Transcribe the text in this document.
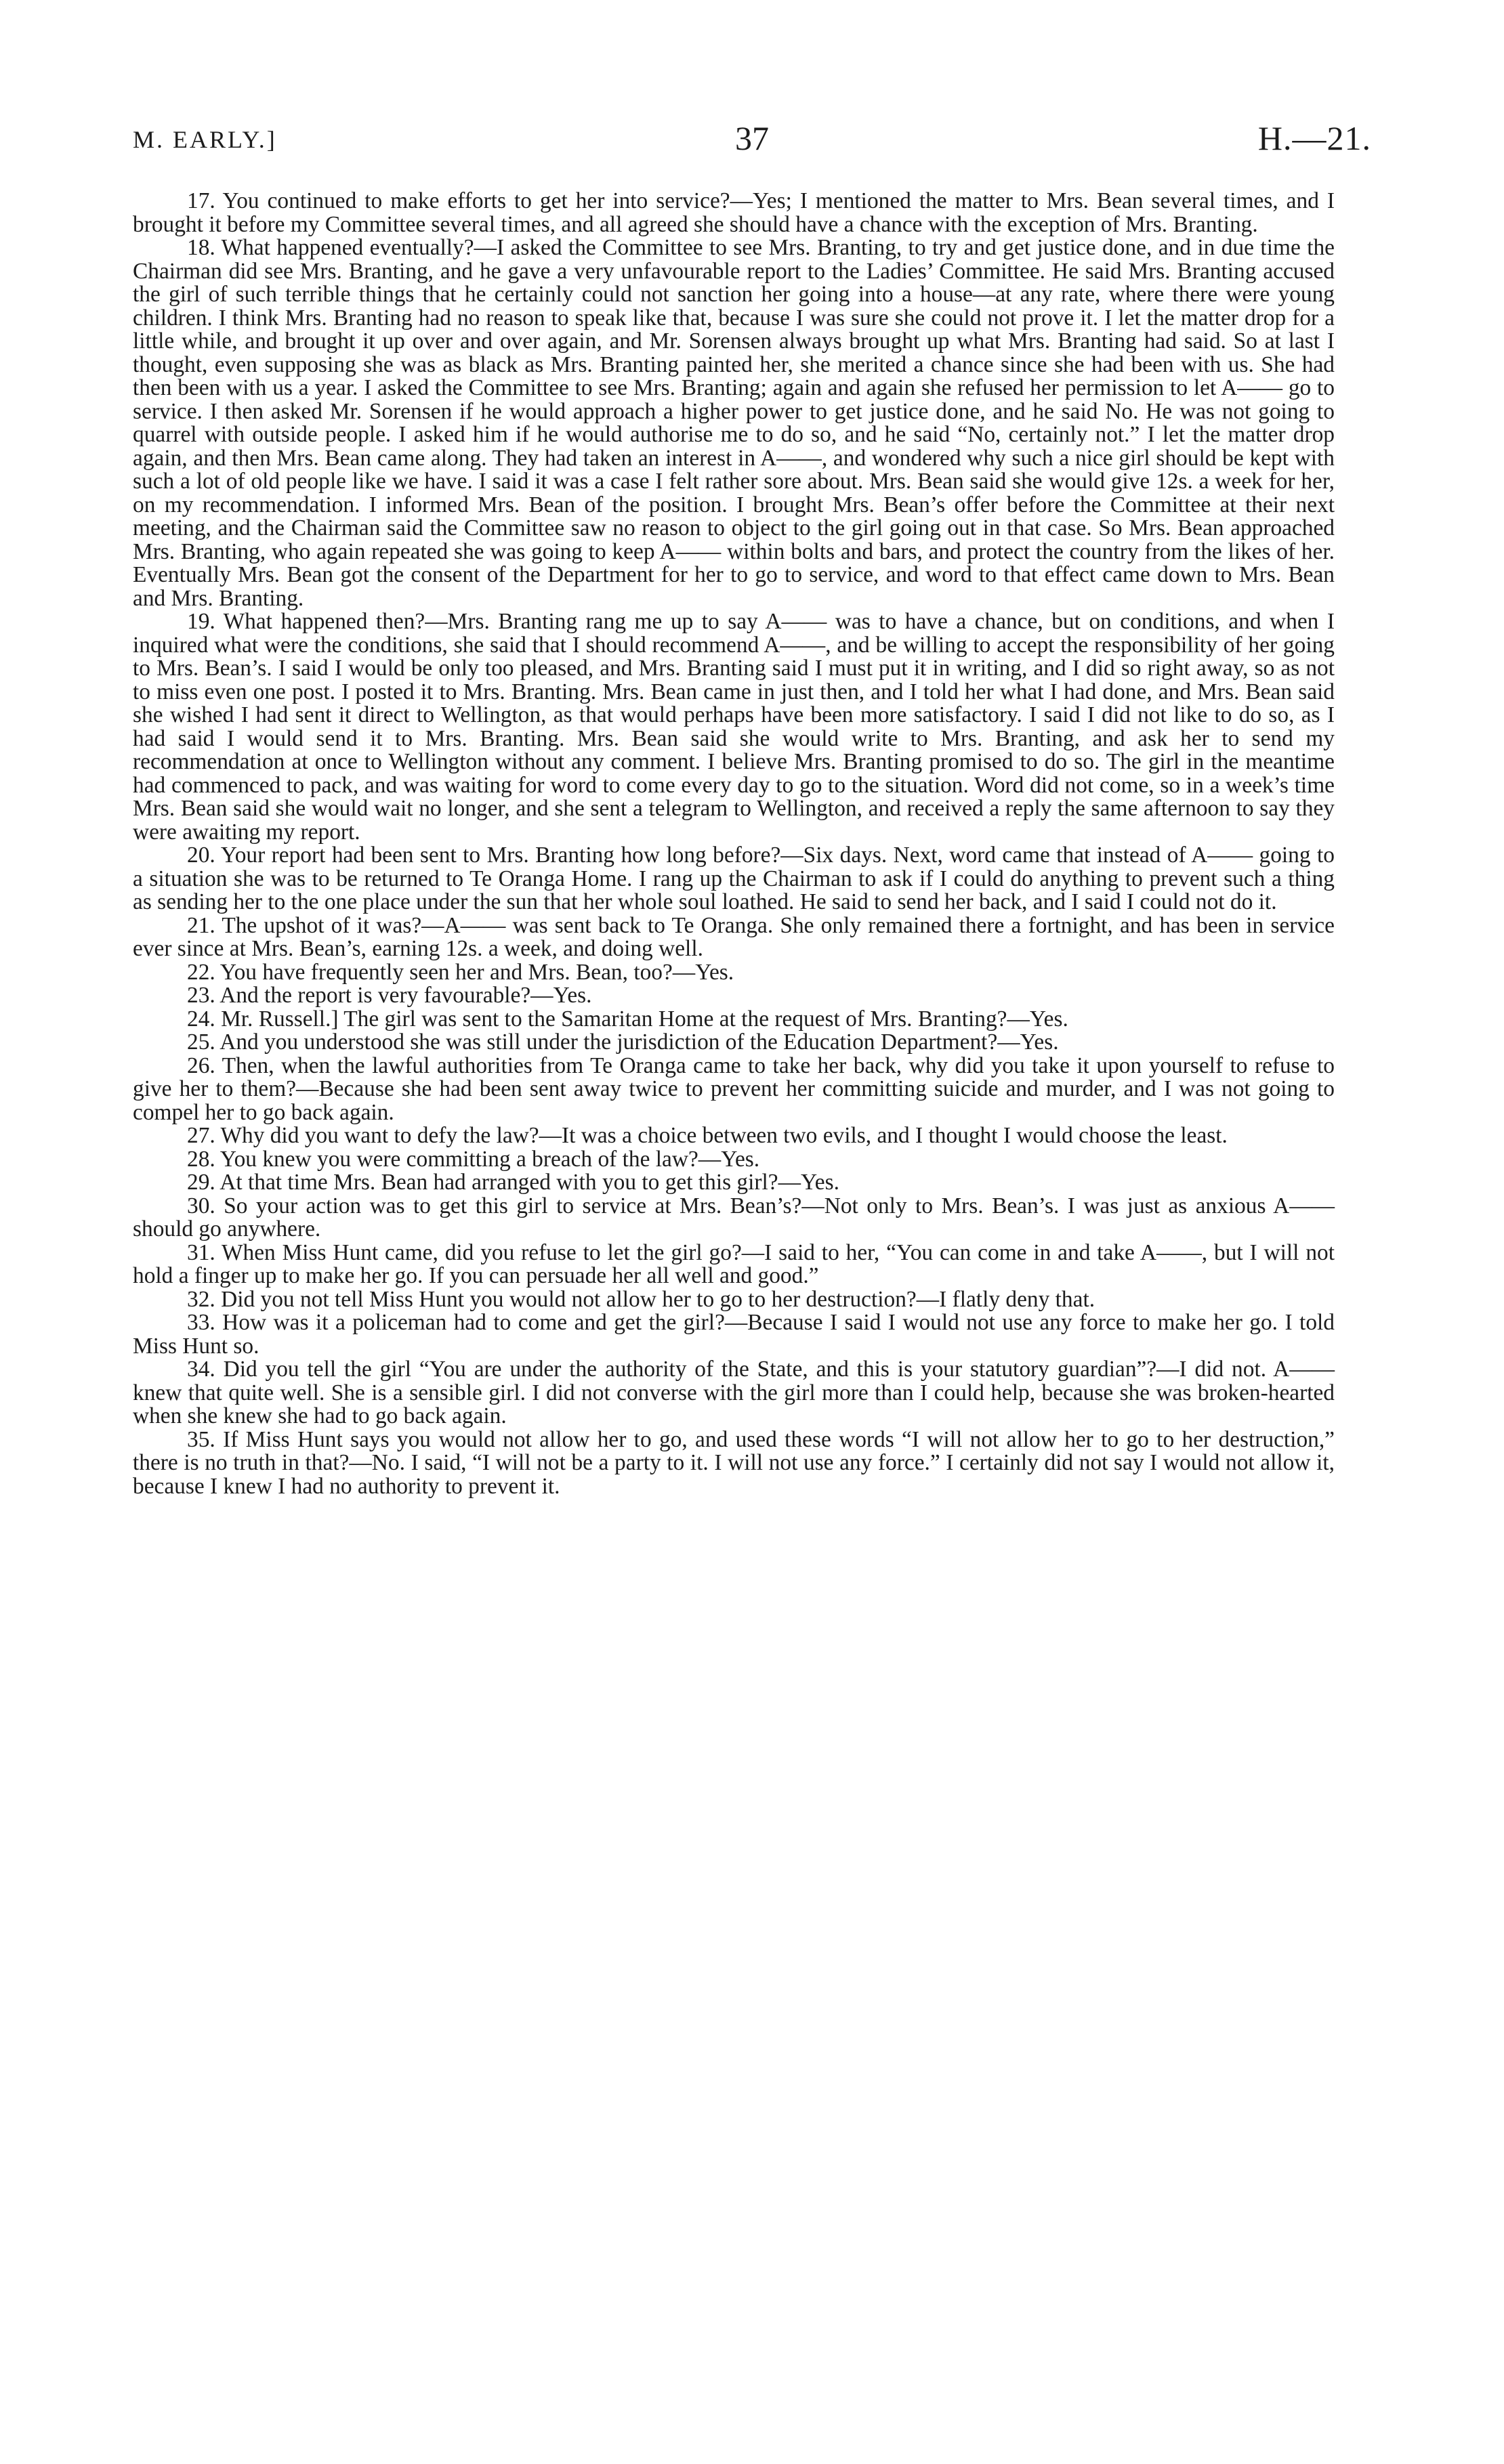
M. EARLY.]	37	H.—21.

17. You continued to make efforts to get her into service?—Yes; I mentioned the matter to Mrs. Bean several times, and I brought it before my Committee several times, and all agreed she should have a chance with the exception of Mrs. Branting.

18. What happened eventually?—I asked the Committee to see Mrs. Branting, to try and get justice done, and in due time the Chairman did see Mrs. Branting, and he gave a very unfavourable report to the Ladies’ Committee. He said Mrs. Branting accused the girl of such terrible things that he certainly could not sanction her going into a house—at any rate, where there were young children. I think Mrs. Branting had no reason to speak like that, because I was sure she could not prove it. I let the matter drop for a little while, and brought it up over and over again, and Mr. Sorensen always brought up what Mrs. Branting had said. So at last I thought, even supposing she was as black as Mrs. Branting painted her, she merited a chance since she had been with us. She had then been with us a year. I asked the Committee to see Mrs. Branting; again and again she refused her permission to let A—— go to service. I then asked Mr. Sorensen if he would approach a higher power to get justice done, and he said No. He was not going to quarrel with outside people. I asked him if he would authorise me to do so, and he said “No, certainly not.” I let the matter drop again, and then Mrs. Bean came along. They had taken an interest in A——, and wondered why such a nice girl should be kept with such a lot of old people like we have. I said it was a case I felt rather sore about. Mrs. Bean said she would give 12s. a week for her, on my recommendation. I informed Mrs. Bean of the position. I brought Mrs. Bean’s offer before the Committee at their next meeting, and the Chairman said the Committee saw no reason to object to the girl going out in that case. So Mrs. Bean approached Mrs. Branting, who again repeated she was going to keep A—— within bolts and bars, and protect the country from the likes of her. Eventually Mrs. Bean got the consent of the Department for her to go to service, and word to that effect came down to Mrs. Bean and Mrs. Branting.

19. What happened then?—Mrs. Branting rang me up to say A—— was to have a chance, but on conditions, and when I inquired what were the conditions, she said that I should recommend A——, and be willing to accept the responsibility of her going to Mrs. Bean’s. I said I would be only too pleased, and Mrs. Branting said I must put it in writing, and I did so right away, so as not to miss even one post. I posted it to Mrs. Branting. Mrs. Bean came in just then, and I told her what I had done, and Mrs. Bean said she wished I had sent it direct to Wellington, as that would perhaps have been more satisfactory. I said I did not like to do so, as I had said I would send it to Mrs. Branting. Mrs. Bean said she would write to Mrs. Branting, and ask her to send my recommendation at once to Wellington without any comment. I believe Mrs. Branting promised to do so. The girl in the meantime had commenced to pack, and was waiting for word to come every day to go to the situation. Word did not come, so in a week’s time Mrs. Bean said she would wait no longer, and she sent a telegram to Wellington, and received a reply the same afternoon to say they were awaiting my report.

20. Your report had been sent to Mrs. Branting how long before?—Six days. Next, word came that instead of A—— going to a situation she was to be returned to Te Oranga Home. I rang up the Chairman to ask if I could do anything to prevent such a thing as sending her to the one place under the sun that her whole soul loathed. He said to send her back, and I said I could not do it.

21. The upshot of it was?—A—— was sent back to Te Oranga. She only remained there a fortnight, and has been in service ever since at Mrs. Bean’s, earning 12s. a week, and doing well.

22. You have frequently seen her and Mrs. Bean, too?—Yes.

23. And the report is very favourable?—Yes.

24. Mr. Russell.] The girl was sent to the Samaritan Home at the request of Mrs. Branting?—Yes.

25. And you understood she was still under the jurisdiction of the Education Department?—Yes.

26. Then, when the lawful authorities from Te Oranga came to take her back, why did you take it upon yourself to refuse to give her to them?—Because she had been sent away twice to prevent her committing suicide and murder, and I was not going to compel her to go back again.

27. Why did you want to defy the law?—It was a choice between two evils, and I thought I would choose the least.

28. You knew you were committing a breach of the law?—Yes.

29. At that time Mrs. Bean had arranged with you to get this girl?—Yes.

30. So your action was to get this girl to service at Mrs. Bean’s?—Not only to Mrs. Bean’s. I was just as anxious A—— should go anywhere.

31. When Miss Hunt came, did you refuse to let the girl go?—I said to her, “You can come in and take A——, but I will not hold a finger up to make her go. If you can persuade her all well and good.”

32. Did you not tell Miss Hunt you would not allow her to go to her destruction?—I flatly deny that.

33. How was it a policeman had to come and get the girl?—Because I said I would not use any force to make her go. I told Miss Hunt so.

34. Did you tell the girl “You are under the authority of the State, and this is your statutory guardian”?—I did not. A—— knew that quite well. She is a sensible girl. I did not converse with the girl more than I could help, because she was broken-hearted when she knew she had to go back again.

35. If Miss Hunt says you would not allow her to go, and used these words “I will not allow her to go to her destruction,” there is no truth in that?—No. I said, “I will not be a party to it. I will not use any force.” I certainly did not say I would not allow it, because I knew I had no authority to prevent it.
